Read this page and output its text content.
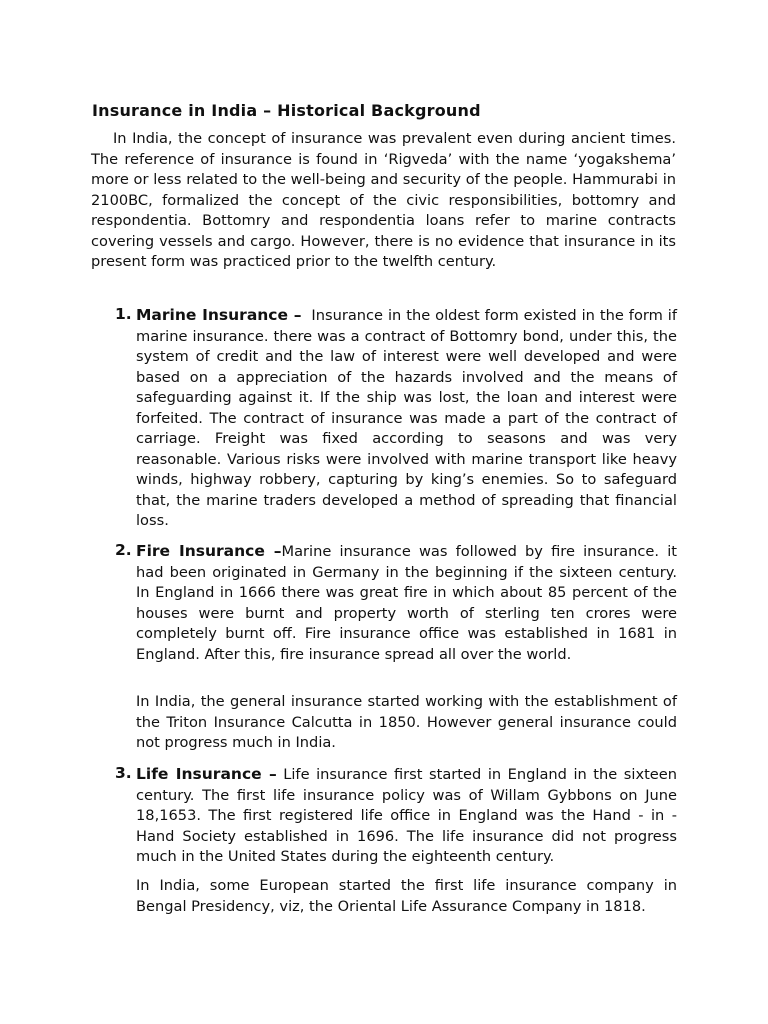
Insurance in India – Historical Background

In India, the concept of insurance was prevalent even during ancient times. The reference of insurance is found in ‘Rigveda’ with the name ‘yogakshema’ more or less related to the well-being and security of the people. Hammurabi in 2100BC, formalized the concept of the civic responsibilities, bottomry and respondentia. Bottomry and respondentia loans refer to marine contracts covering vessels and cargo. However, there is no evidence that insurance in its present form was practiced prior to the twelfth century.

1. Marine Insurance – Insurance in the oldest form existed in the form if marine insurance. there was a contract of Bottomry bond, under this, the system of credit and the law of interest were well developed and were based on a appreciation of the hazards involved and the means of safeguarding against it. If the ship was lost, the loan and interest were forfeited. The contract of insurance was made a part of the contract of carriage. Freight was fixed according to seasons and was very reasonable. Various risks were involved with marine transport like heavy winds, highway robbery, capturing by king’s enemies. So to safeguard that, the marine traders developed a method of spreading that financial loss.

2. Fire Insurance –Marine insurance was followed by fire insurance. it had been originated in Germany in the beginning if the sixteen century. In England in 1666 there was great fire in which about 85 percent of the houses were burnt and property worth of sterling ten crores were completely burnt off. Fire insurance office was established in 1681 in England. After this, fire insurance spread all over the world.

In India, the general insurance started working with the establishment of the Triton Insurance Calcutta in 1850. However general insurance could not progress much in India.

3. Life Insurance – Life insurance first started in England in the sixteen century. The first life insurance policy was of Willam Gybbons on June 18,1653. The first registered life office in England was the Hand - in - Hand Society established in 1696. The life insurance did not progress much in the United States during the eighteenth century.

In India, some European started the first life insurance company in Bengal Presidency, viz, the Oriental Life Assurance Company in 1818.
